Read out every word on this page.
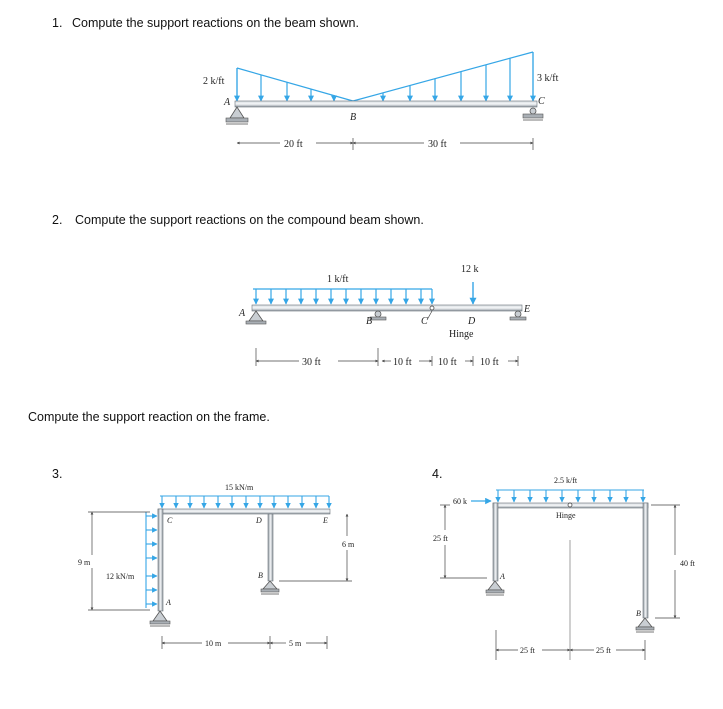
1. Compute the support reactions on the beam shown.
2. Compute the support reactions on the compound beam shown.
Compute the support reaction on the frame.
3.	4.
2 k/ft	3 k/ft
A
B
C
20 ft	30 ft
1 k/ft
12 k
A
B	C	D
E
Hinge
30 ft	10 ft	10 ft 10 ft
15 kN/m
12 kN/m
A
B
C	D	E
9 m
6 m
10 m	5 m
2.5 k/ft
60 k
Hinge
A
B
25 ft
40 ft
25 ft	25 ft
